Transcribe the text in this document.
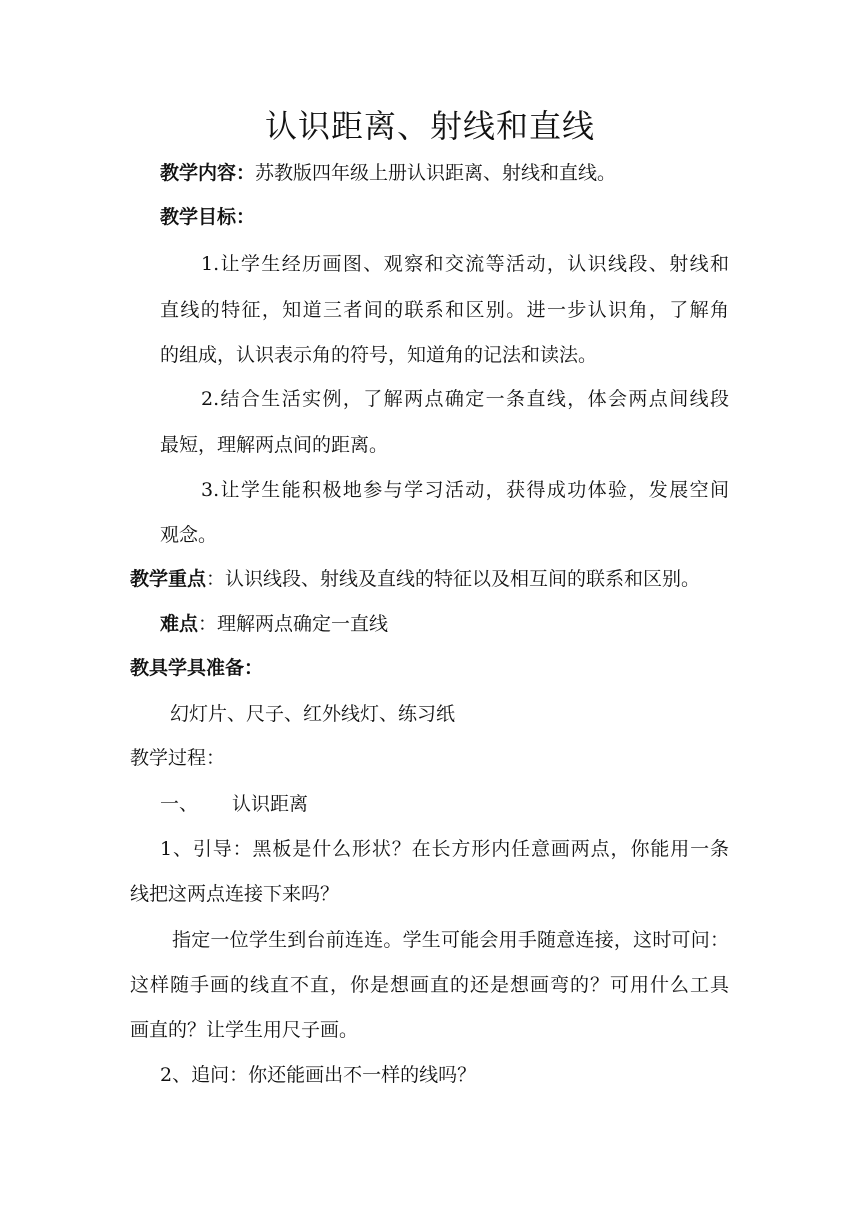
认识距离、射线和直线
教学内容：苏教版四年级上册认识距离、射线和直线。
教学目标：
1.让学生经历画图、观察和交流等活动，认识线段、射线和
直线的特征，知道三者间的联系和区别。进一步认识角，了解角
的组成，认识表示角的符号，知道角的记法和读法。
2.结合生活实例，了解两点确定一条直线，体会两点间线段
最短，理解两点间的距离。
3.让学生能积极地参与学习活动，获得成功体验，发展空间
观念。
教学重点：认识线段、射线及直线的特征以及相互间的联系和区别。
难点：理解两点确定一直线
教具学具准备：
幻灯片、尺子、红外线灯、练习纸
教学过程：
一、 认识距离
1、引导：黑板是什么形状？在长方形内任意画两点，你能用一条
线把这两点连接下来吗？
指定一位学生到台前连连。学生可能会用手随意连接，这时可问：
这样随手画的线直不直，你是想画直的还是想画弯的？可用什么工具
画直的？让学生用尺子画。
2、追问：你还能画出不一样的线吗？
